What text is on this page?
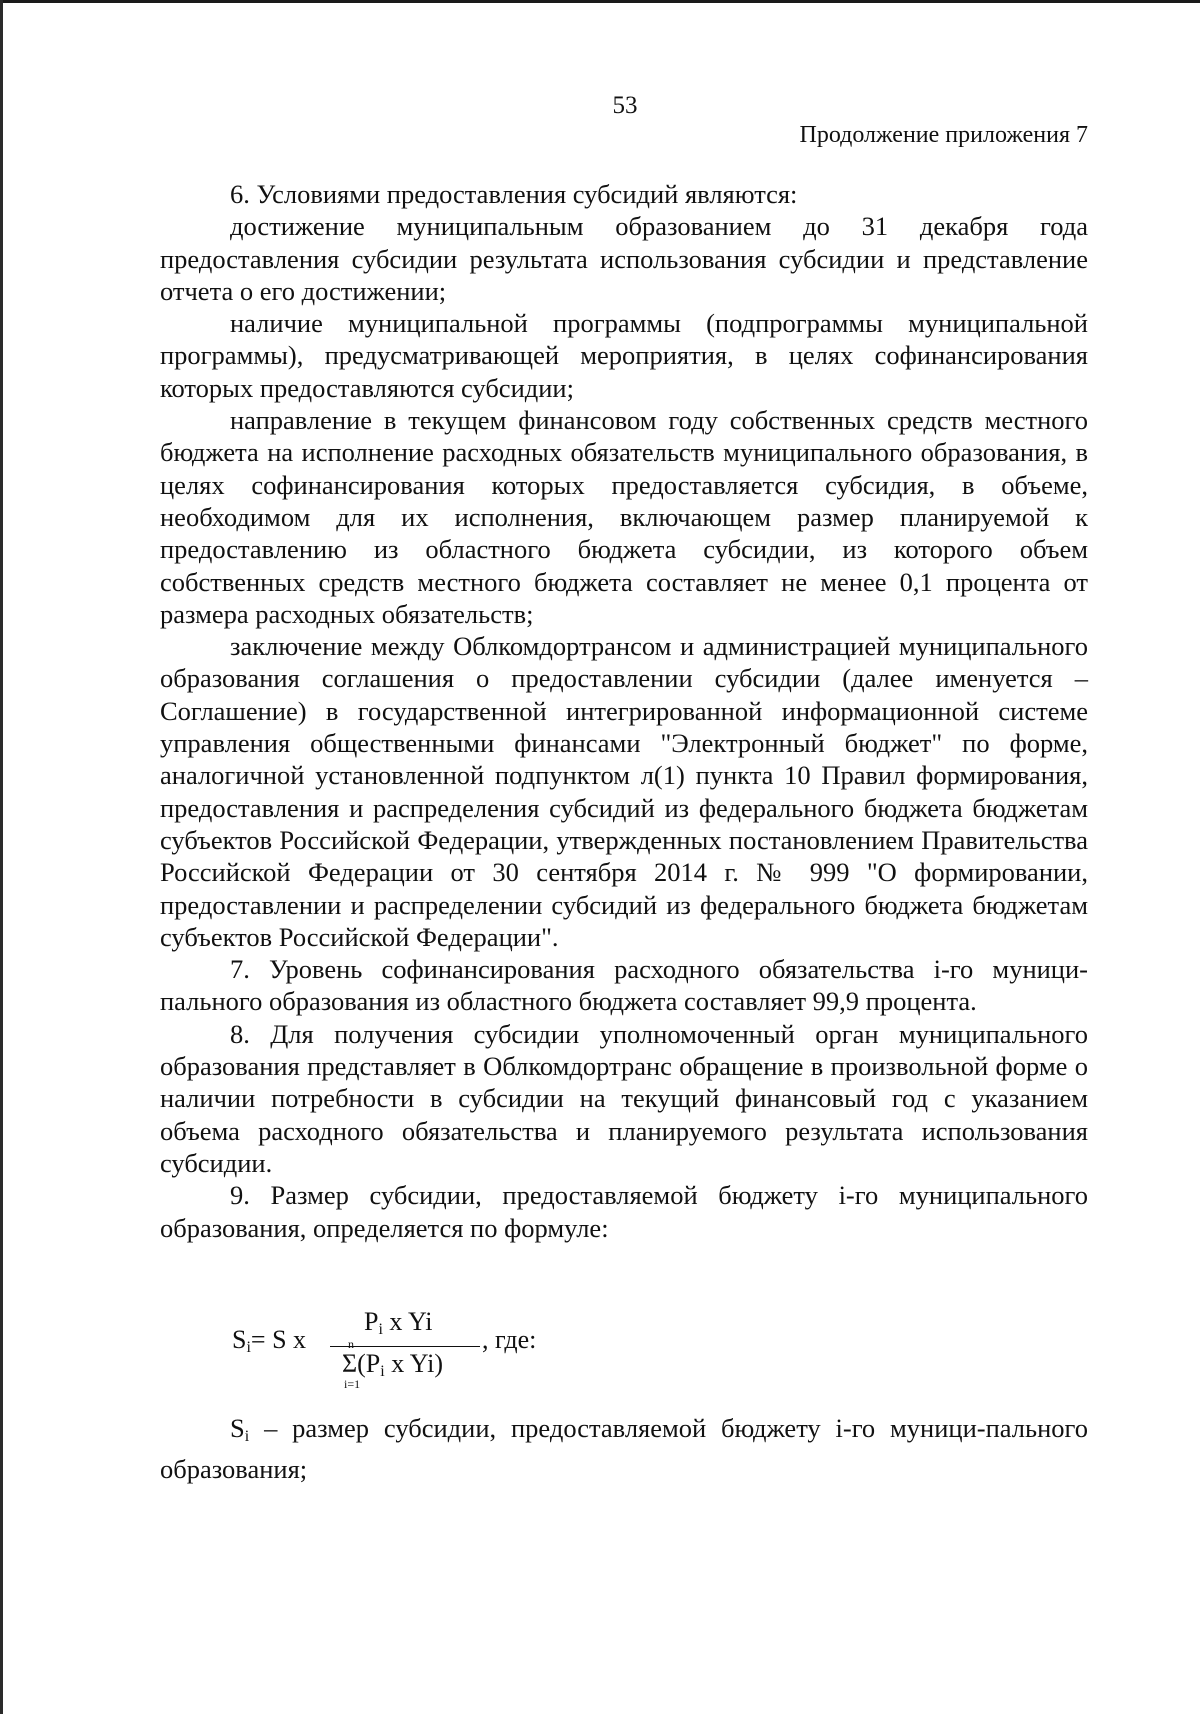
53
Продолжение приложения 7

6. Условиями предоставления субсидий являются:

достижение муниципальным образованием до 31 декабря года предоставления субсидии результата использования субсидии и представление отчета о его достижении;

наличие муниципальной программы (подпрограммы муниципальной программы), предусматривающей мероприятия, в целях софинансирования которых предоставляются субсидии;

направление в текущем финансовом году собственных средств местного бюджета на исполнение расходных обязательств муниципального образования, в целях софинансирования которых предоставляется субсидия, в объеме, необходимом для их исполнения, включающем размер планируемой к предоставлению из областного бюджета субсидии, из которого объем собственных средств местного бюджета составляет не менее 0,1 процента от размера расходных обязательств;

заключение между Облкомдортрансом и администрацией муниципального образования соглашения о предоставлении субсидии (далее именуется – Соглашение) в государственной интегрированной информационной системе управления общественными финансами "Электронный бюджет" по форме, аналогичной установленной подпунктом л(1) пункта 10 Правил формирования, предоставления и распределения субсидий из федерального бюджета бюджетам субъектов Российской Федерации, утвержденных постановлением Правительства Российской Федерации от 30 сентября 2014 г. № 999 "О формировании, предоставлении и распределении субсидий из федерального бюджета бюджетам субъектов Российской Федерации".

7. Уровень софинансирования расходного обязательства i-го муници-пального образования из областного бюджета составляет 99,9 процента.

8. Для получения субсидии уполномоченный орган муниципального образования представляет в Облкомдортранс обращение в произвольной форме о наличии потребности в субсидии на текущий финансовый год с указанием объема расходного обязательства и планируемого результата использования субсидии.

9. Размер субсидии, предоставляемой бюджету i-го муниципального образования, определяется по формуле:

$S_i= S$ x
$P_i$ x Yi
n
Σ
i=1
($P_i$ x Yi)
, где:

$S_i$ – размер субсидии, предоставляемой бюджету i-го муници-пального образования;
